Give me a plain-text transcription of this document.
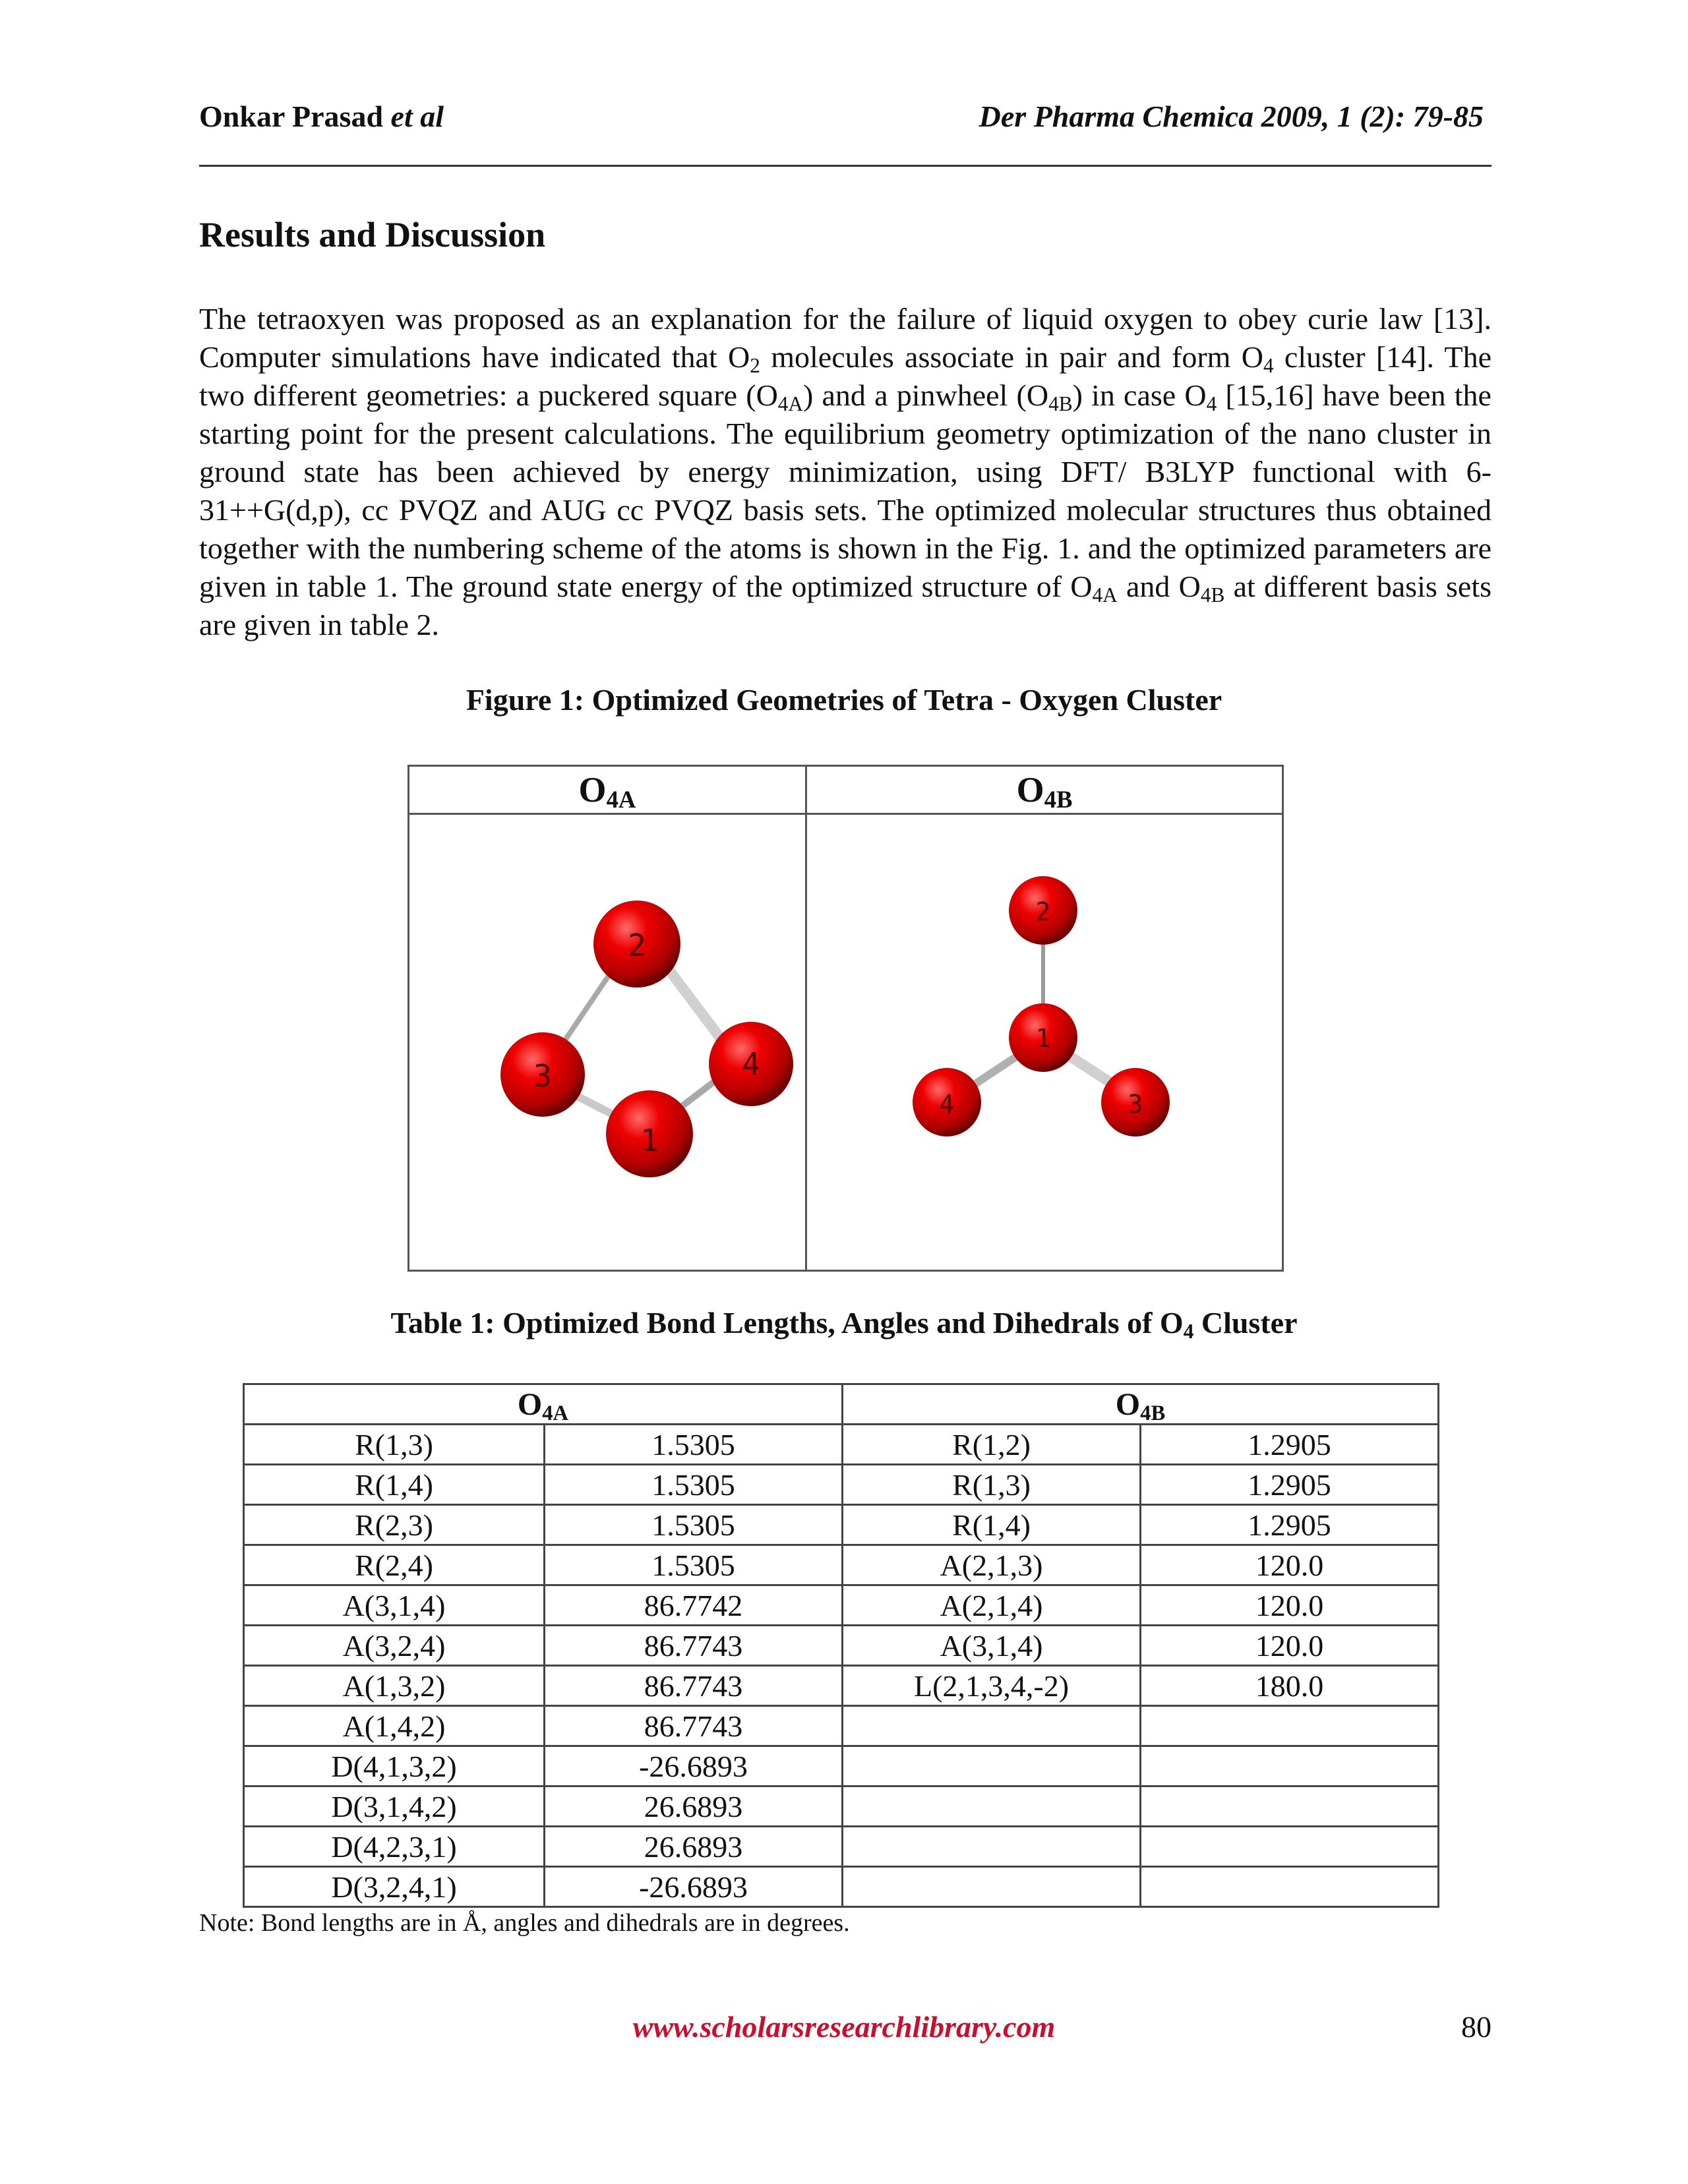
Onkar Prasad et al	Der Pharma Chemica 2009, 1 (2): 79-85
Results and Discussion
The tetraoxyen was proposed as an explanation for the failure of liquid oxygen to obey curie law [13]. Computer simulations have indicated that $O_2$ molecules associate in pair and form $O_4$ cluster [14]. The two different geometries: a puckered square $(O_{4A})$ and a pinwheel $(O_{4B})$ in case $O_4$ [15,16] have been the starting point for the present calculations. The equilibrium geometry optimization of the nano cluster in ground state has been achieved by energy minimization, using DFT/ B3LYP functional with 6-31++G(d,p), cc PVQZ and AUG cc PVQZ basis sets. The optimized molecular structures thus obtained together with the numbering scheme of the atoms is shown in the Fig. 1. and the optimized parameters are given in table 1. The ground state energy of the optimized structure of $O_{4A}$ and $O_{4B}$ at different basis sets are given in table 2.
Figure 1: Optimized Geometries of Tetra - Oxygen Cluster
$O_{4A}$	$O_{4B}$

2
3 4
1	2
1
4 3
Table 1: Optimized Bond Lengths, Angles and Dihedrals of $O_4$ Cluster
$O_{4A}$		$O_{4B}$
R(1,3)	1.5305	R(1,2)	1.2905
R(1,4)	1.5305	R(1,3)	1.2905
R(2,3)	1.5305	R(1,4)	1.2905
R(2,4)	1.5305	A(2,1,3)	120.0
A(3,1,4)	86.7742	A(2,1,4)	120.0
A(3,2,4)	86.7743	A(3,1,4)	120.0
A(1,3,2)	86.7743	L(2,1,3,4,-2)	180.0
A(1,4,2)	86.7743		
D(4,1,3,2)	-26.6893		
D(3,1,4,2)	26.6893		
D(4,2,3,1)	26.6893		
D(3,2,4,1)	-26.6893		
Note: Bond lengths are in Å, angles and dihedrals are in degrees.
www.scholarsresearchlibrary.com	80
